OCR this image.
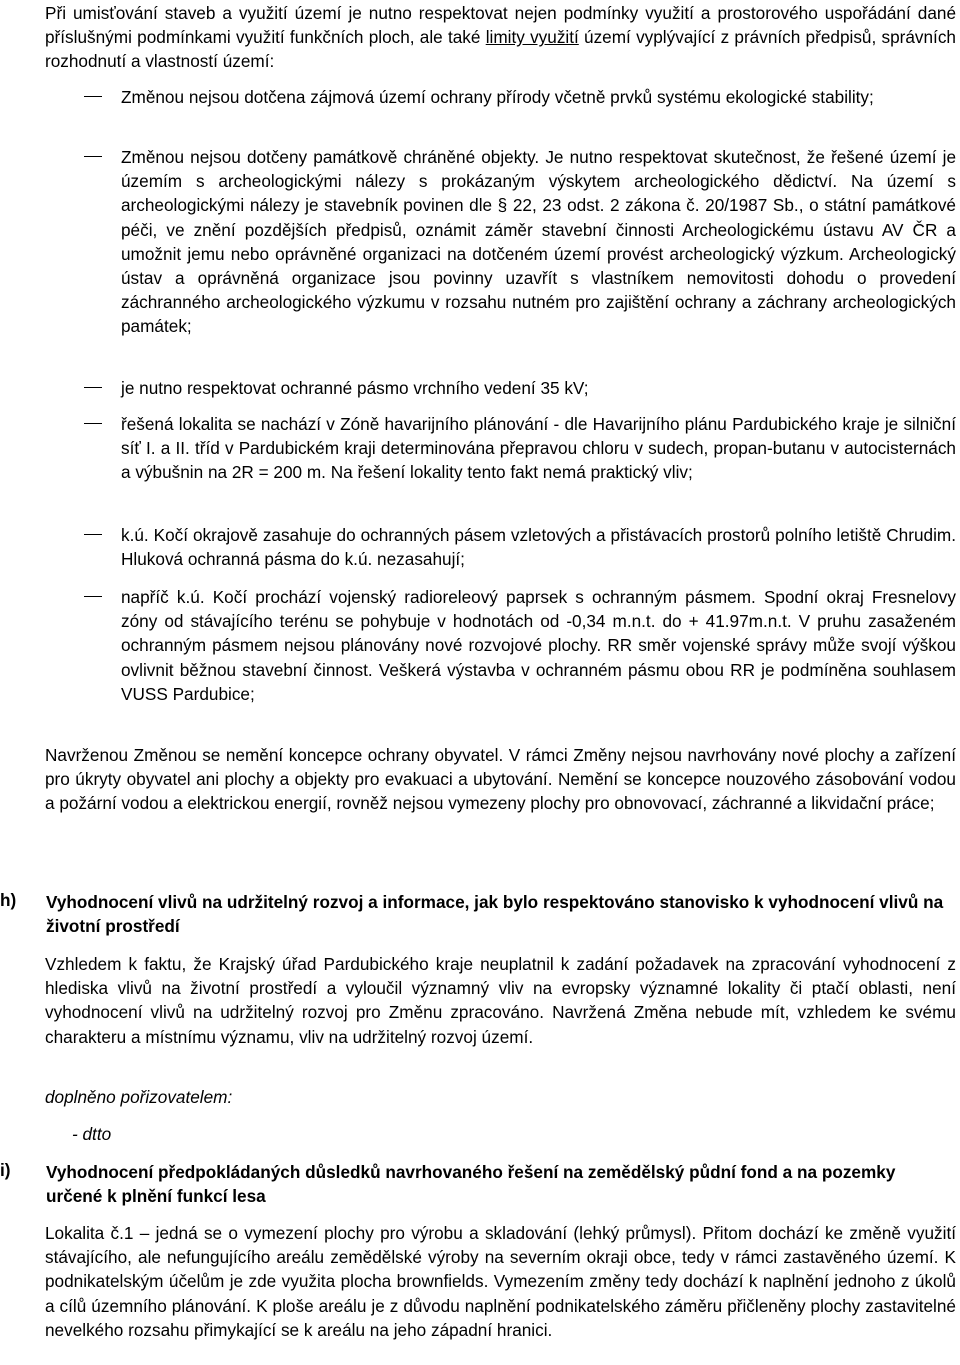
Při umisťování staveb a využití území je nutno respektovat nejen podmínky využití a prostorového uspořádání dané příslušnými podmínkami využití funkčních ploch, ale také limity využití území vyplývající z právních předpisů, správních rozhodnutí a vlastností území:

Změnou nejsou dotčena zájmová území ochrany přírody včetně prvků systému ekologické stability;

Změnou nejsou dotčeny památkově chráněné objekty. Je nutno respektovat skutečnost, že řešené území je územím s archeologickými nálezy s prokázaným výskytem archeologického dědictví. Na území s archeologickými nálezy je stavebník povinen dle § 22, 23 odst. 2 zákona č. 20/1987 Sb., o státní památkové péči, ve znění pozdějších předpisů, oznámit záměr stavební činnosti Archeologickému ústavu AV ČR a umožnit jemu nebo oprávněné organizaci na dotčeném území provést archeologický výzkum. Archeologický ústav a oprávněná organizace jsou povinny uzavřít s vlastníkem nemovitosti dohodu o provedení záchranného archeologického výzkumu v rozsahu nutném pro zajištění ochrany a záchrany archeologických památek;

je nutno respektovat ochranné pásmo vrchního vedení 35 kV;

řešená lokalita se nachází v Zóně havarijního plánování - dle Havarijního plánu Pardubického kraje je silniční síť I. a II. tříd v Pardubickém kraji determinována přepravou chloru v sudech, propan-butanu v autocisternách a výbušnin na 2R = 200 m. Na řešení lokality tento fakt nemá praktický vliv;

k.ú. Kočí okrajově zasahuje do ochranných pásem vzletových a přistávacích prostorů polního letiště Chrudim. Hluková ochranná pásma do k.ú. nezasahují;

napříč k.ú. Kočí prochází vojenský radioreleový paprsek s ochranným pásmem. Spodní okraj Fresnelovy zóny od stávajícího terénu se pohybuje v hodnotách od -0,34 m.n.t. do + 41.97m.n.t. V pruhu zasaženém ochranným pásmem nejsou plánovány nové rozvojové plochy. RR směr vojenské správy může svojí výškou ovlivnit běžnou stavební činnost. Veškerá výstavba v ochranném pásmu obou RR je podmíněna souhlasem VUSS Pardubice;

Navrženou Změnou se nemění koncepce ochrany obyvatel. V rámci Změny nejsou navrhovány nové plochy a zařízení pro úkryty obyvatel ani plochy a objekty pro evakuaci a ubytování. Nemění se koncepce nouzového zásobování vodou a požární vodou a elektrickou energií, rovněž nejsou vymezeny plochy pro obnovovací, záchranné a likvidační práce;

h)	Vyhodnocení vlivů na udržitelný rozvoj a informace, jak bylo respektováno stanovisko k vyhodnocení vlivů na životní prostředí

Vzhledem k faktu, že Krajský úřad Pardubického kraje neuplatnil k zadání požadavek na zpracování vyhodnocení z hlediska vlivů na životní prostředí a vyloučil významný vliv na evropsky významné lokality či ptačí oblasti, není vyhodnocení vlivů na udržitelný rozvoj pro Změnu zpracováno. Navržená Změna nebude mít, vzhledem ke svému charakteru a místnímu významu, vliv na udržitelný rozvoj území.

doplněno pořizovatelem:

- dtto

i)	Vyhodnocení předpokládaných důsledků navrhovaného řešení na zemědělský půdní fond a na pozemky určené k plnění funkcí lesa

Lokalita č.1 – jedná se o vymezení plochy pro výrobu a skladování (lehký průmysl). Přitom dochází ke změně využití stávajícího, ale nefungujícího areálu zemědělské výroby na severním okraji obce, tedy v rámci zastavěného území. K podnikatelským účelům je zde využita plocha brownfields. Vymezením změny tedy dochází k naplnění jednoho z úkolů a cílů územního plánování. K ploše areálu je z důvodu naplnění podnikatelského záměru přičleněny plochy zastavitelné nevelkého rozsahu přimykající se k areálu na jeho západní hranici.
